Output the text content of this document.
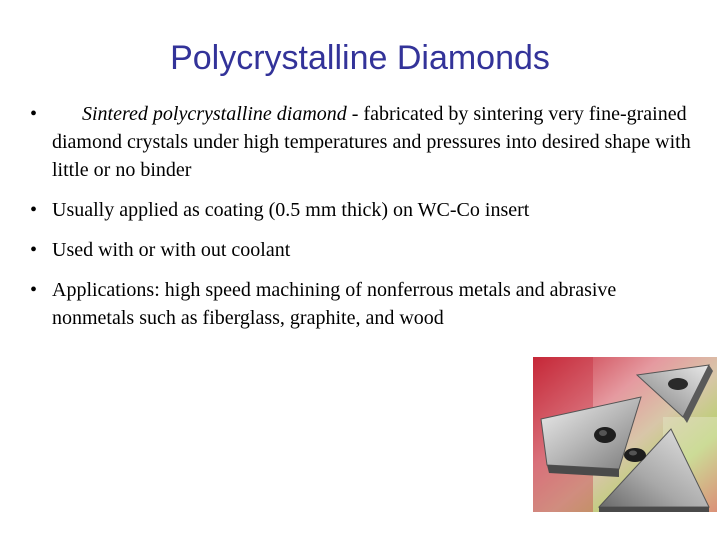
Polycrystalline Diamonds
• Sintered polycrystalline diamond - fabricated by sintering very fine‑grained diamond crystals under high temperatures and pressures into desired shape with little or no binder
• Usually applied as coating (0.5 mm thick) on WC-Co insert
• Used with or with out coolant
• Applications: high speed machining of nonferrous metals and abrasive nonmetals such as fiberglass, graphite, and wood
